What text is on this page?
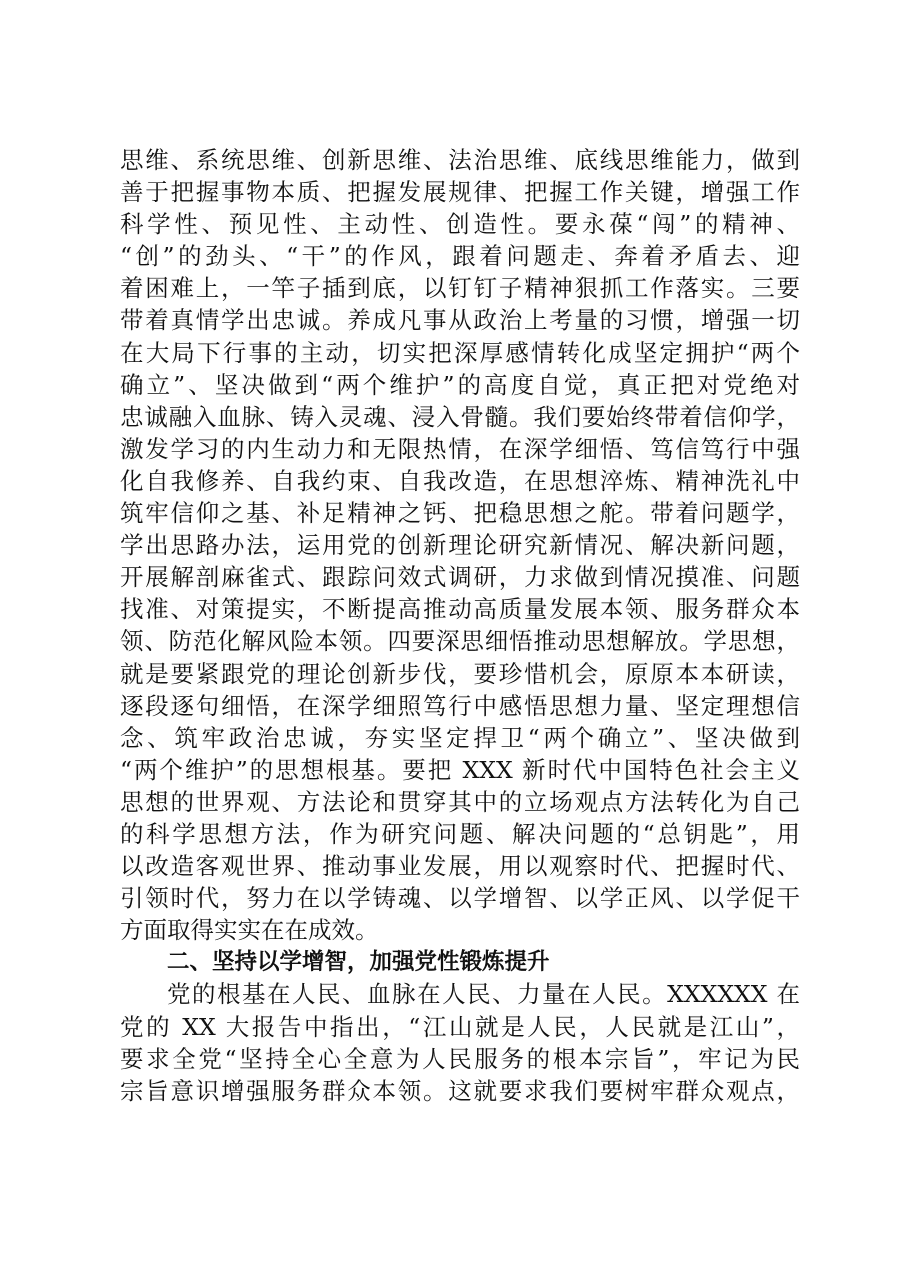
思维、系统思维、创新思维、法治思维、底线思维能力，做到
善于把握事物本质、把握发展规律、把握工作关键，增强工作
科学性、预见性、主动性、创造性。要永葆“闯”的精神、
“创”的劲头、“干”的作风，跟着问题走、奔着矛盾去、迎
着困难上，一竿子插到底，以钉钉子精神狠抓工作落实。三要
带着真情学出忠诚。养成凡事从政治上考量的习惯，增强一切
在大局下行事的主动，切实把深厚感情转化成坚定拥护“两个
确立”、坚决做到“两个维护”的高度自觉，真正把对党绝对
忠诚融入血脉、铸入灵魂、浸入骨髓。我们要始终带着信仰学，
激发学习的内生动力和无限热情，在深学细悟、笃信笃行中强
化自我修养、自我约束、自我改造，在思想淬炼、精神洗礼中
筑牢信仰之基、补足精神之钙、把稳思想之舵。带着问题学，
学出思路办法，运用党的创新理论研究新情况、解决新问题，
开展解剖麻雀式、跟踪问效式调研，力求做到情况摸准、问题
找准、对策提实，不断提高推动高质量发展本领、服务群众本
领、防范化解风险本领。四要深思细悟推动思想解放。学思想，
就是要紧跟党的理论创新步伐，要珍惜机会，原原本本研读，
逐段逐句细悟，在深学细照笃行中感悟思想力量、坚定理想信
念、筑牢政治忠诚，夯实坚定捍卫“两个确立”、坚决做到
“两个维护”的思想根基。要把 XXX 新时代中国特色社会主义
思想的世界观、方法论和贯穿其中的立场观点方法转化为自己
的科学思想方法，作为研究问题、解决问题的“总钥匙”，用
以改造客观世界、推动事业发展，用以观察时代、把握时代、
引领时代，努力在以学铸魂、以学增智、以学正风、以学促干
方面取得实实在在成效。
二、坚持以学增智，加强党性锻炼提升
党的根基在人民、血脉在人民、力量在人民。XXXXXX 在
党的 XX 大报告中指出，“江山就是人民，人民就是江山”，
要求全党“坚持全心全意为人民服务的根本宗旨”，牢记为民
宗旨意识增强服务群众本领。这就要求我们要树牢群众观点，
